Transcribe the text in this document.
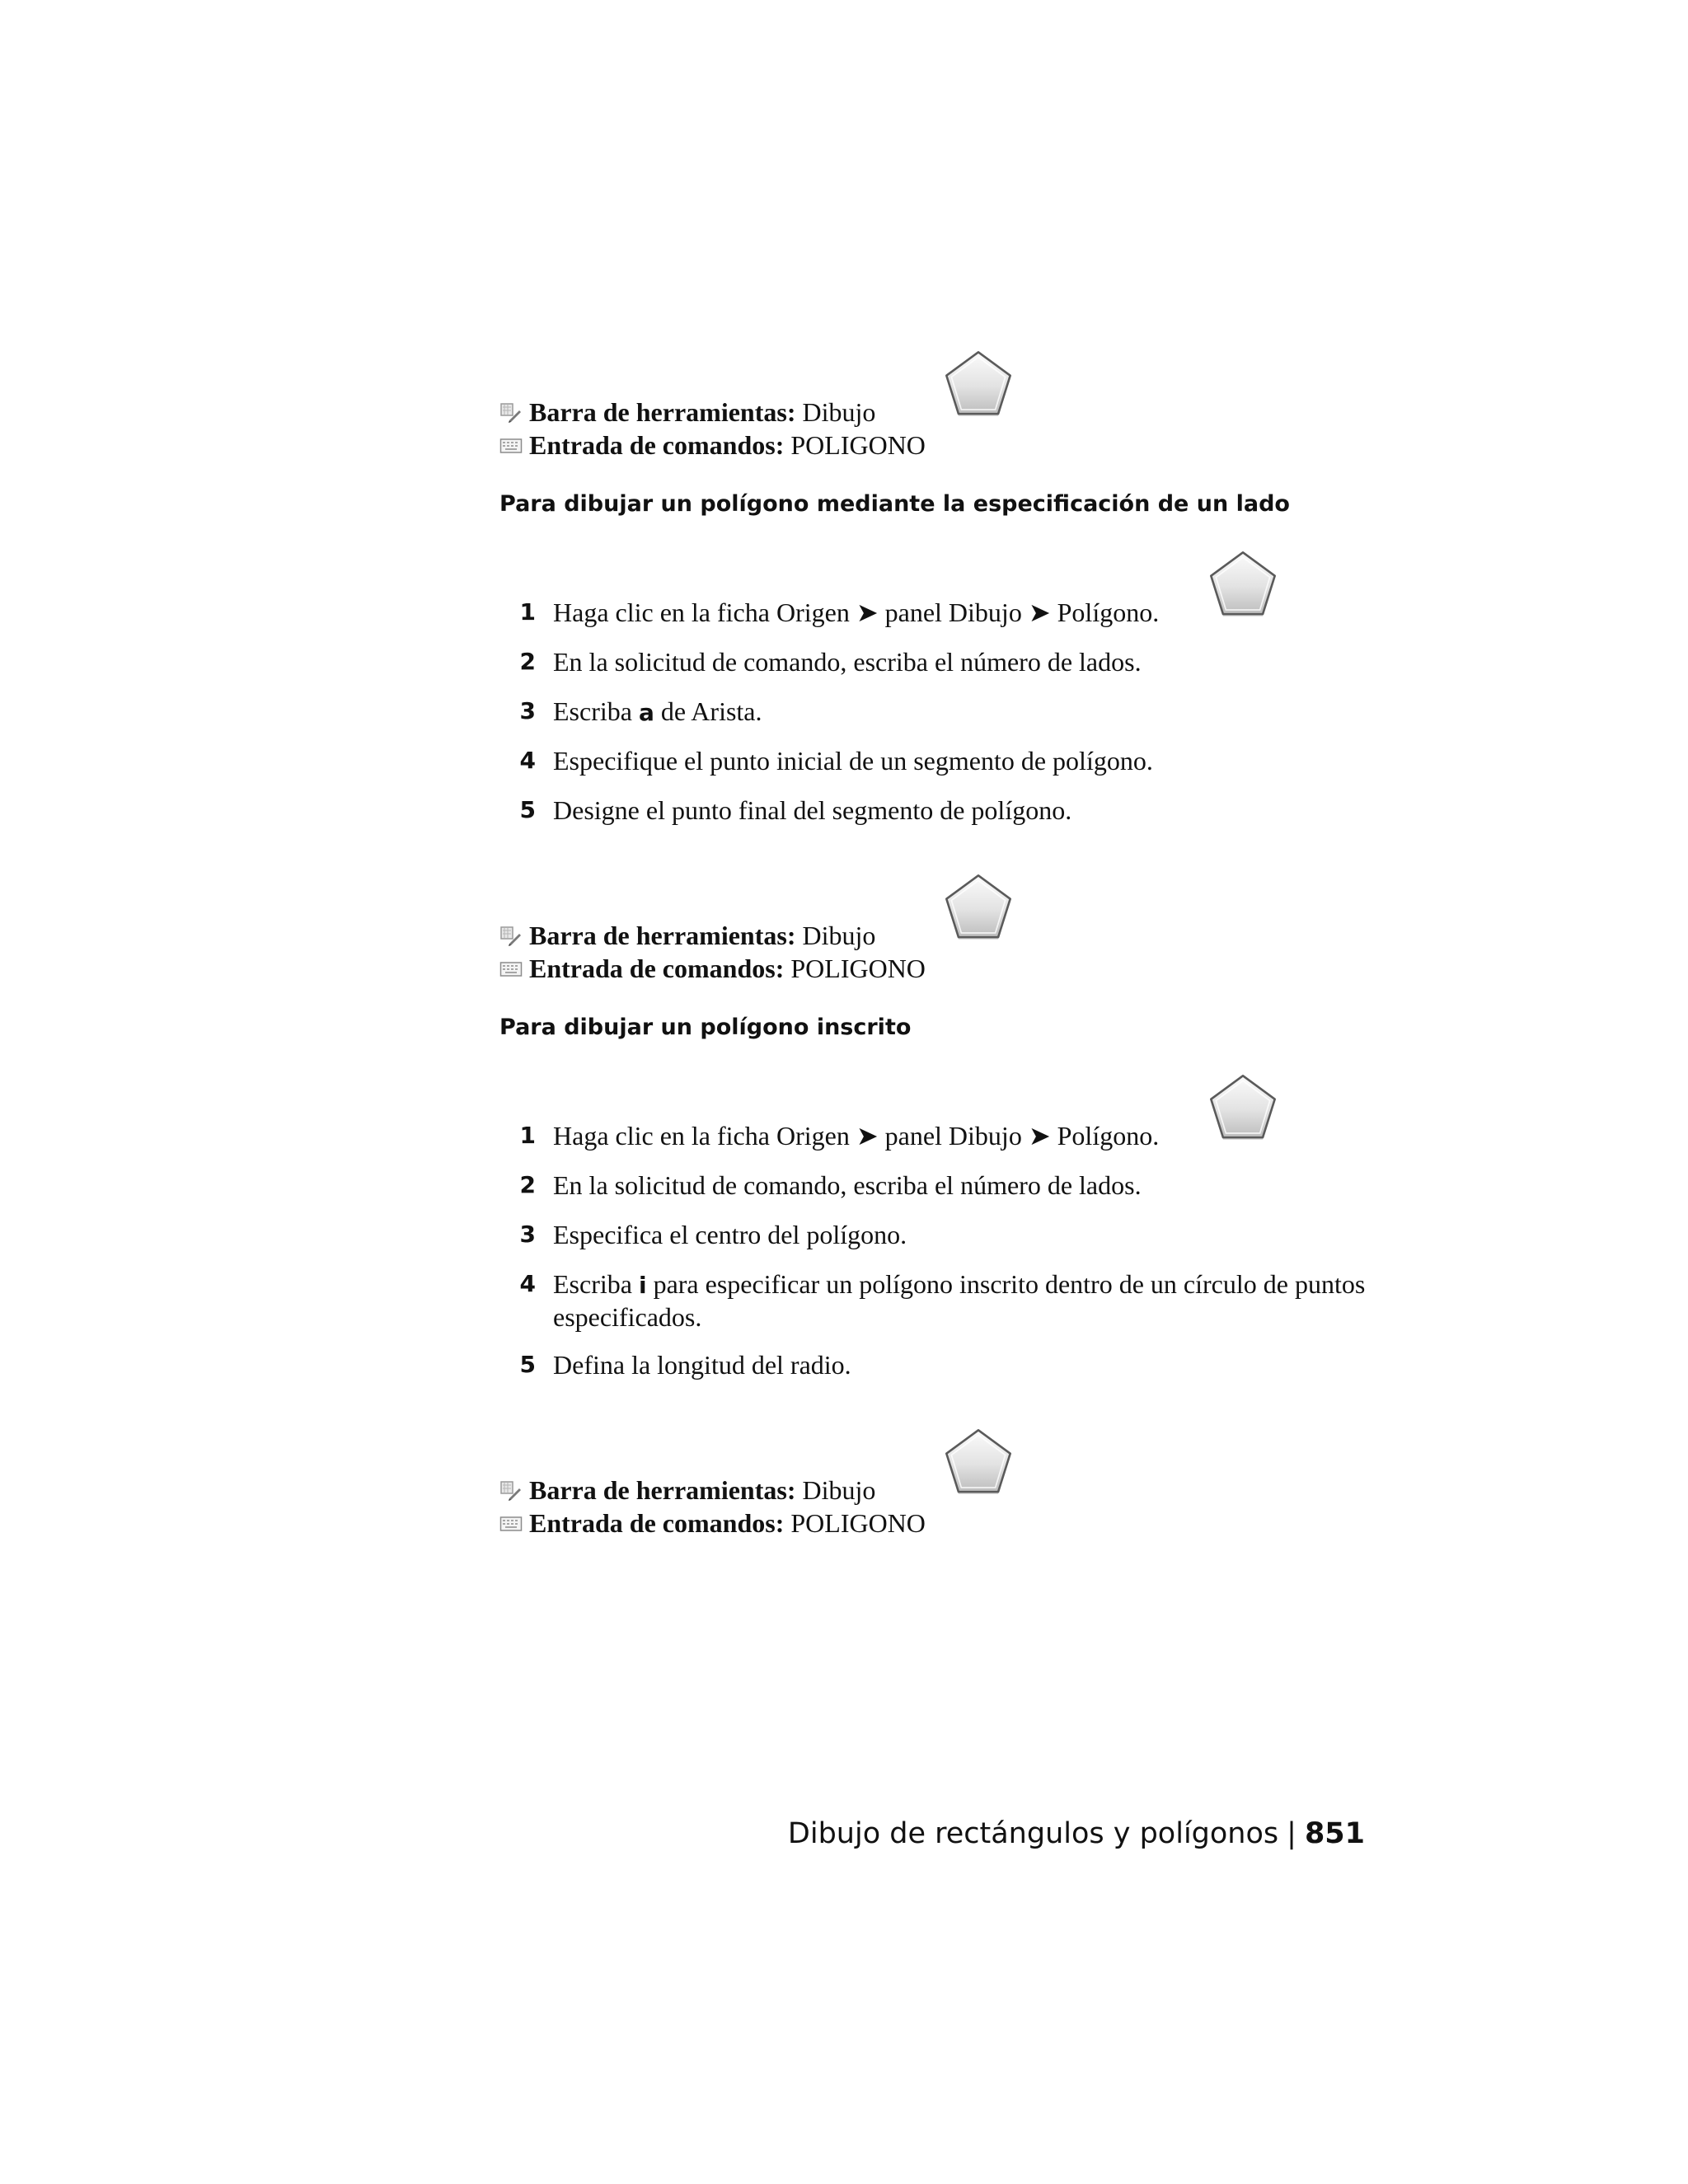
Barra de herramientas: Dibujo
Entrada de comandos: POLIGONO
Para dibujar un polígono mediante la especificación de un lado
1 Haga clic en la ficha Origen ➤ panel Dibujo ➤ Polígono.
2 En la solicitud de comando, escriba el número de lados.
3 Escriba a de Arista.
4 Especifique el punto inicial de un segmento de polígono.
5 Designe el punto final del segmento de polígono.
Barra de herramientas: Dibujo
Entrada de comandos: POLIGONO
Para dibujar un polígono inscrito
1 Haga clic en la ficha Origen ➤ panel Dibujo ➤ Polígono.
2 En la solicitud de comando, escriba el número de lados.
3 Especifica el centro del polígono.
4 Escriba i para especificar un polígono inscrito dentro de un círculo de puntos especificados.
5 Defina la longitud del radio.
Barra de herramientas: Dibujo
Entrada de comandos: POLIGONO
Dibujo de rectángulos y polígonos | 851
